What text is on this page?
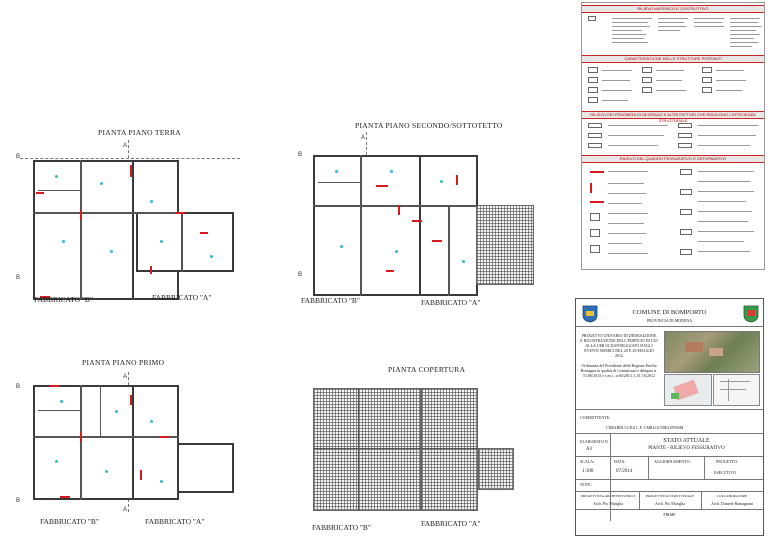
PIANTA PIANO TERRA
A
B
B
FABBRICATO "B"	FABBRICATO "A"
PIANTA PIANO SECONDO/SOTTOTETTO
A
B
B
FABBRICATO "B"	FABBRICATO "A"
PIANTA PIANO PRIMO
A
A
B
B
FABBRICATO "B"	FABBRICATO "A"
PIANTA COPERTURA
FABBRICATO "B"	FABBRICATO "A"
RILIEVO MATERICO E COSTRUTTIVO
CARATTERISTICHE DELLE STRUTTURE PORTANTI
RILIEVO DEI FENOMENI DI DEGRADO E ALTRI FATTORI CHE RIDUCONO L'EFFICIENZA STRUTTURALE
RILIEVO DEL QUADRO FESSURATIVO E DEFORMATIVO
COMUNE DI BOMPORTO
PROVINCIA DI MODENA
PROGETTO UNITARIO DI DEMOLIZIONE E RICOSTRUZIONE DELL'EDIFICIO DI CUI ALLA UMI 04 DANNEGGIATO DAGLI EVENTI SISMICI DEL 20 E 29 MAGGIO 2012
Ordinanza del Presidente della Regione Emilia Romagna in qualità di Commissario delegato n. 51,86/2013 e s.m.i., n.60/2013, L.R. 16/2012
COMMITTENTE:
CIMARDI LUIGI C.F. CMRLGU58E23F930M
ELABORATO N.
A3
STATO ATTUALE
PIANTE - RILIEVO FESSURATIVO
SCALA:
1:100
DATA:
07/2014
AGGIORNAMENTO:	PROGETTO:
ESECUTIVO
NOTE:
PROGETTISTA ARCHITETTONICO	PROGETTISTA STRUTTURALE	COLLABORATORE
Arch. Pio Mariglia	Arch. Pio Mariglia	Arch. Daniele Romagnani
FIRME
